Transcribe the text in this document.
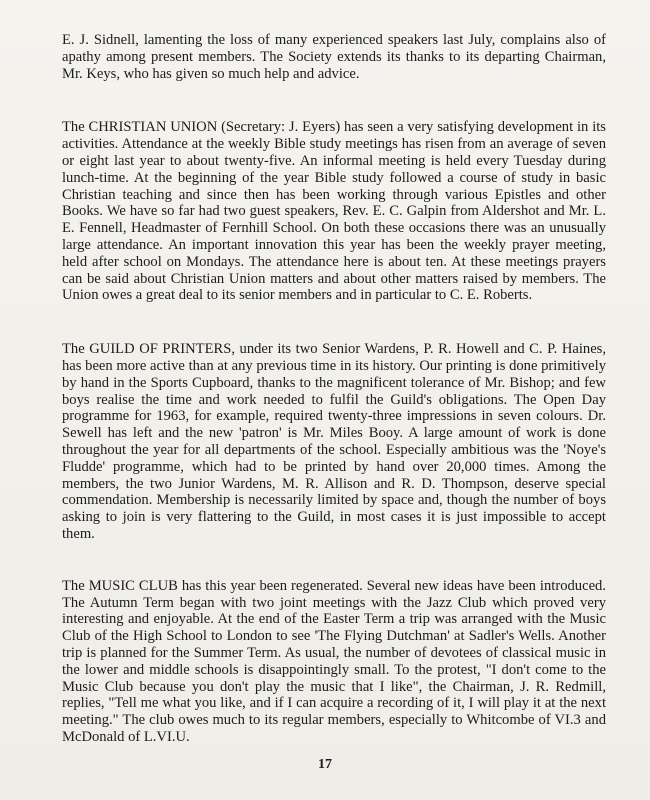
E. J. Sidnell, lamenting the loss of many experienced speakers last July, complains also of apathy among present members. The Society extends its thanks to its departing Chairman, Mr. Keys, who has given so much help and advice.

The CHRISTIAN UNION (Secretary: J. Eyers) has seen a very satisfying development in its activities. Attendance at the weekly Bible study meetings has risen from an average of seven or eight last year to about twenty-five. An informal meeting is held every Tuesday during lunch-time. At the beginning of the year Bible study followed a course of study in basic Christian teaching and since then has been working through various Epistles and other Books. We have so far had two guest speakers, Rev. E. C. Galpin from Aldershot and Mr. L. E. Fennell, Headmaster of Fernhill School. On both these occasions there was an unusually large attendance. An important innovation this year has been the weekly prayer meeting, held after school on Mondays. The attendance here is about ten. At these meetings prayers can be said about Christian Union matters and about other matters raised by members. The Union owes a great deal to its senior members and in particular to C. E. Roberts.

The GUILD OF PRINTERS, under its two Senior Wardens, P. R. Howell and C. P. Haines, has been more active than at any previous time in its history. Our printing is done primitively by hand in the Sports Cupboard, thanks to the magnificent tolerance of Mr. Bishop; and few boys realise the time and work needed to fulfil the Guild's obligations. The Open Day programme for 1963, for example, required twenty-three impressions in seven colours. Dr. Sewell has left and the new 'patron' is Mr. Miles Booy. A large amount of work is done throughout the year for all departments of the school. Especially ambitious was the 'Noye's Fludde' programme, which had to be printed by hand over 20,000 times. Among the members, the two Junior Wardens, M. R. Allison and R. D. Thompson, deserve special commendation. Membership is necessarily limited by space and, though the number of boys asking to join is very flattering to the Guild, in most cases it is just impossible to accept them.

The MUSIC CLUB has this year been regenerated. Several new ideas have been introduced. The Autumn Term began with two joint meetings with the Jazz Club which proved very interesting and enjoyable. At the end of the Easter Term a trip was arranged with the Music Club of the High School to London to see 'The Flying Dutchman' at Sadler's Wells. Another trip is planned for the Summer Term. As usual, the number of devotees of classical music in the lower and middle schools is disappointingly small. To the protest, "I don't come to the Music Club because you don't play the music that I like", the Chairman, J. R. Redmill, replies, "Tell me what you like, and if I can acquire a recording of it, I will play it at the next meeting." The club owes much to its regular members, especially to Whitcombe of VI.3 and McDonald of L.VI.U.

17
